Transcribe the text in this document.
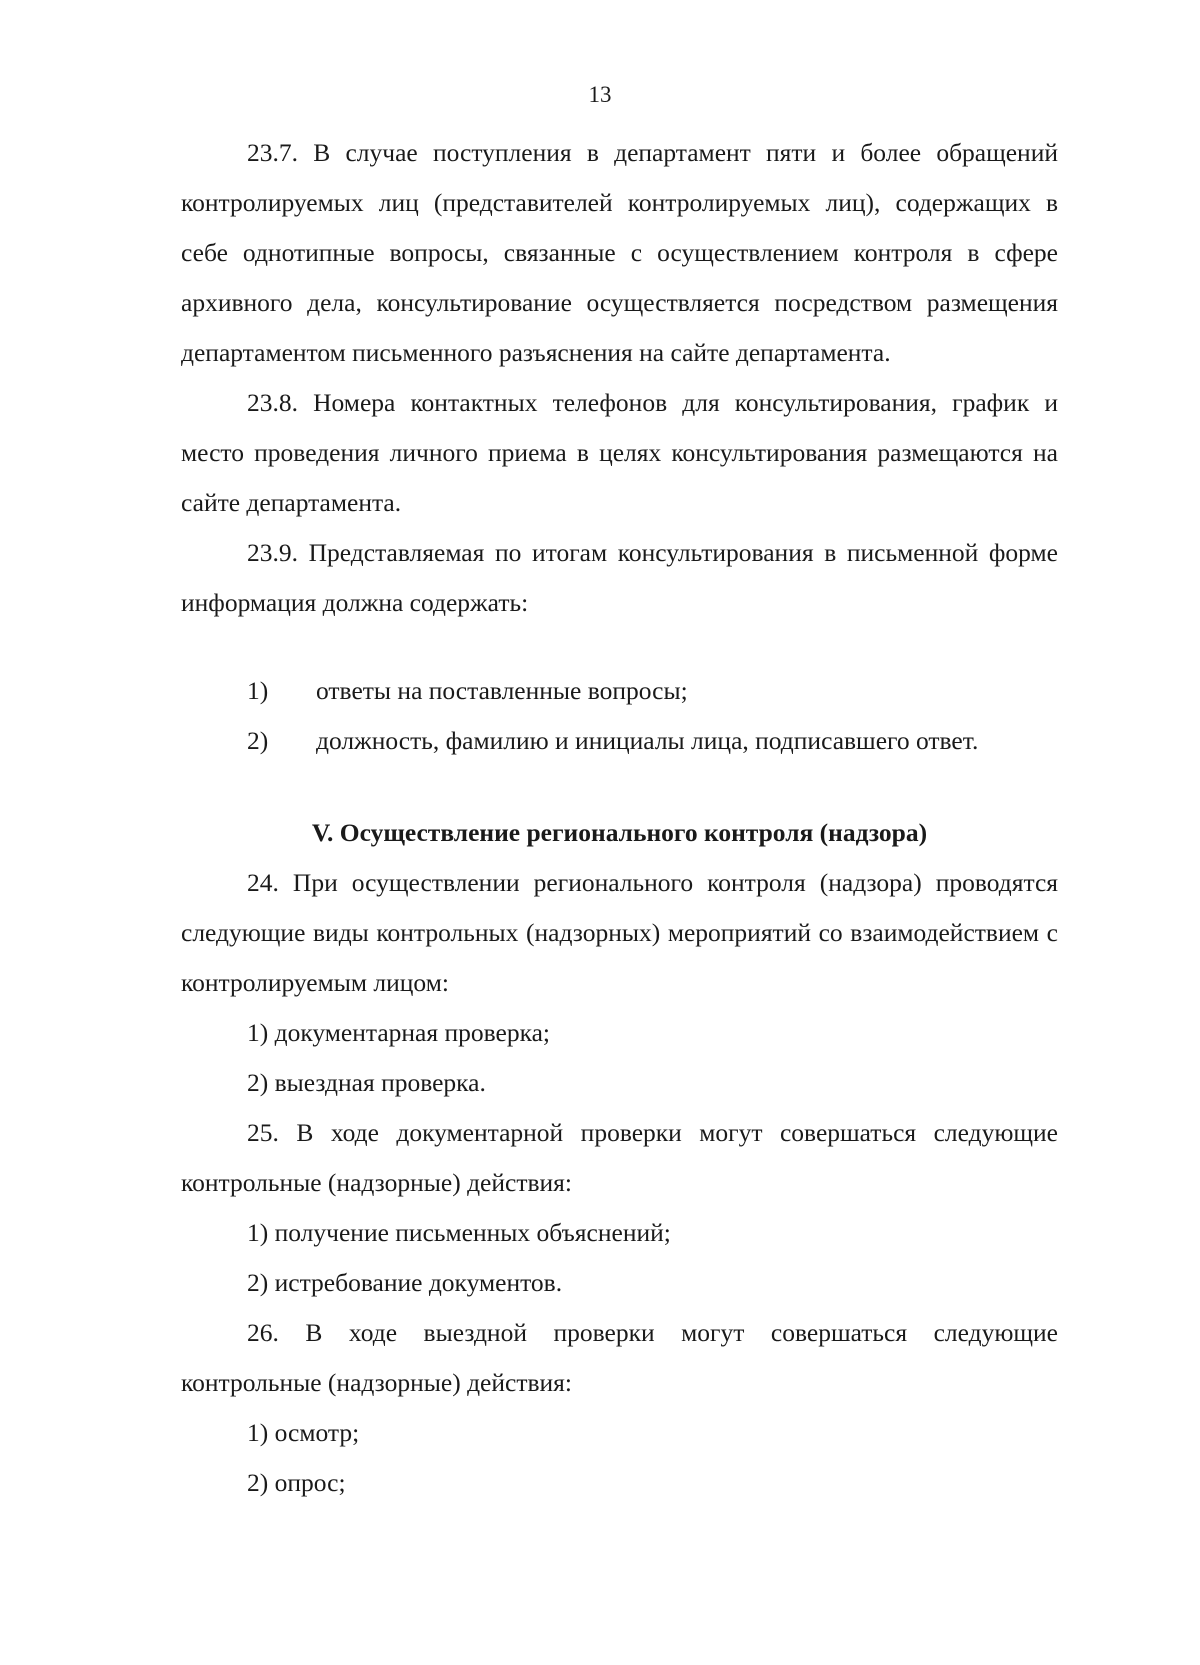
13

23.7. В случае поступления в департамент пяти и более обращений контролируемых лиц (представителей контролируемых лиц), содержащих в себе однотипные вопросы, связанные с осуществлением контроля в сфере архивного дела, консультирование осуществляется посредством размещения департаментом письменного разъяснения на сайте департамента.

23.8. Номера контактных телефонов для консультирования, график и место проведения личного приема в целях консультирования размещаются на сайте департамента.

23.9. Представляемая по итогам консультирования в письменной форме информация должна содержать:

1)	ответы на поставленные вопросы;
2)	должность, фамилию и инициалы лица, подписавшего ответ.

V. Осуществление регионального контроля (надзора)

24. При осуществлении регионального контроля (надзора) проводятся следующие виды контрольных (надзорных) мероприятий со взаимодействием с контролируемым лицом:

1) документарная проверка;

2) выездная проверка.

25. В ходе документарной проверки могут совершаться следующие контрольные (надзорные) действия:

1) получение письменных объяснений;

2) истребование документов.

26. В ходе выездной проверки могут совершаться следующие контрольные (надзорные) действия:

1) осмотр;

2) опрос;
